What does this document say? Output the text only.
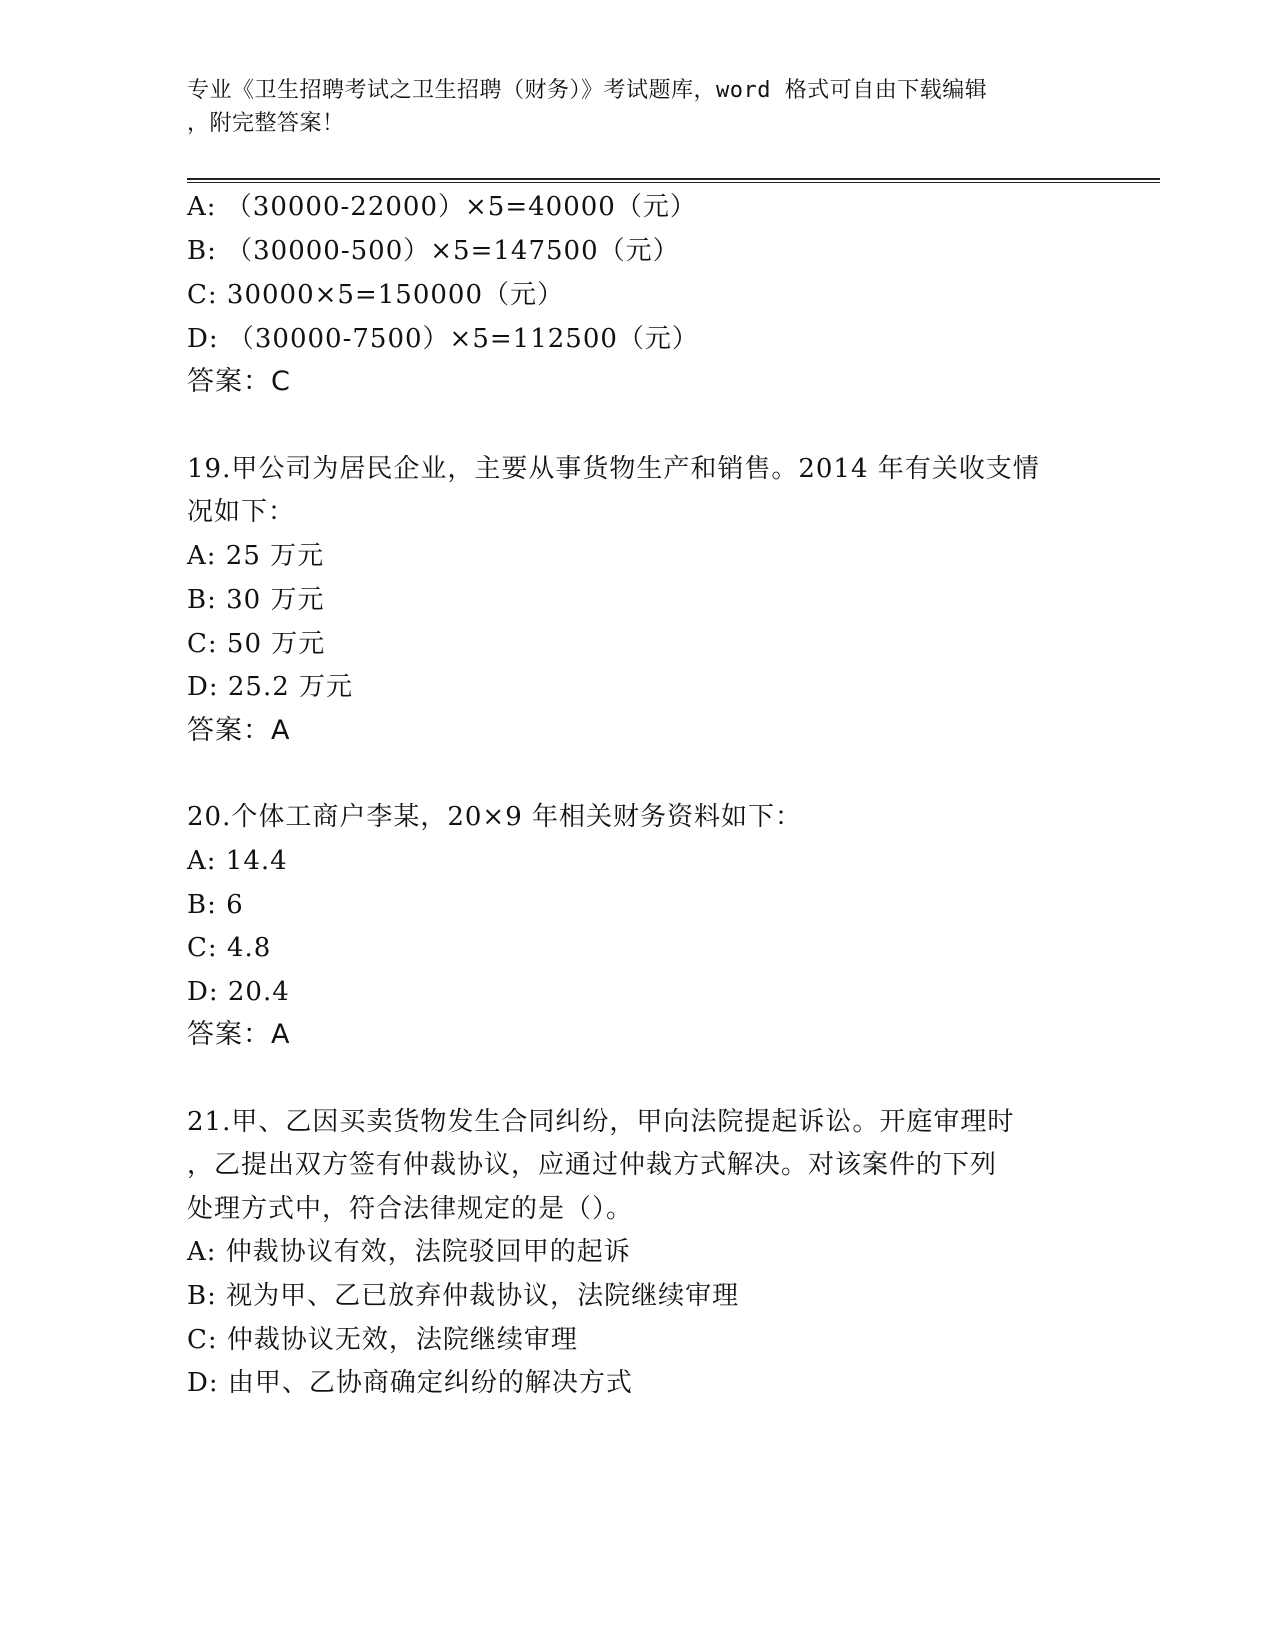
专业《卫生招聘考试之卫生招聘（财务）》考试题库，word 格式可自由下载编辑
，附完整答案！
A: （30000-22000）×5=40000（元）
B: （30000-500）×5=147500（元）
C: 30000×5=150000（元）
D: （30000-7500）×5=112500（元）
答案：C
19.甲公司为居民企业，主要从事货物生产和销售。2014 年有关收支情
况如下：
A: 25 万元
B: 30 万元
C: 50 万元
D: 25.2 万元
答案：A
20.个体工商户李某，20×9 年相关财务资料如下：
A: 14.4
B: 6
C: 4.8
D: 20.4
答案：A
21.甲、乙因买卖货物发生合同纠纷，甲向法院提起诉讼。开庭审理时
，乙提出双方签有仲裁协议，应通过仲裁方式解决。对该案件的下列
处理方式中，符合法律规定的是（）。
A: 仲裁协议有效，法院驳回甲的起诉
B: 视为甲、乙已放弃仲裁协议，法院继续审理
C: 仲裁协议无效，法院继续审理
D: 由甲、乙协商确定纠纷的解决方式
